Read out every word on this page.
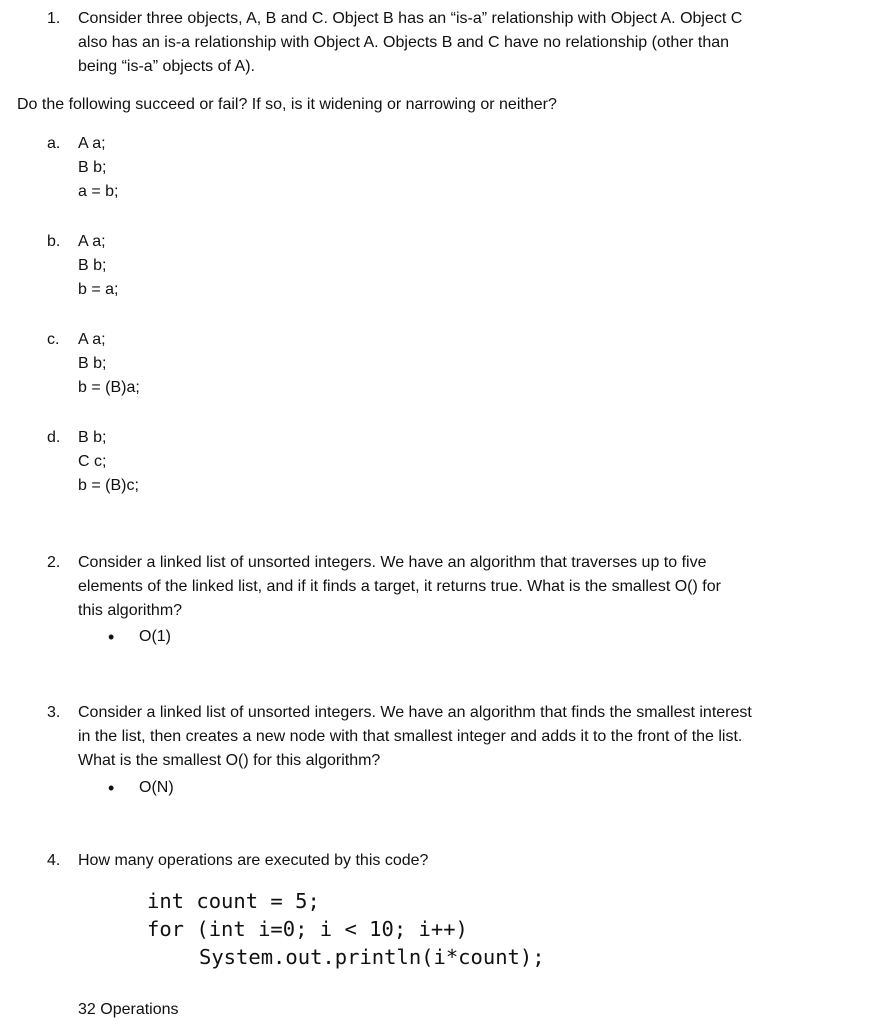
1. Consider three objects, A, B and C. Object B has an “is-a” relationship with Object A. Object C
also has an is-a relationship with Object A. Objects B and C have no relationship (other than
being “is-a” objects of A).
Do the following succeed or fail? If so, is it widening or narrowing or neither?
a. A a;
B b;
a = b;
b. A a;
B b;
b = a;
c. A a;
B b;
b = (B)a;
d. B b;
C c;
b = (B)c;
2. Consider a linked list of unsorted integers. We have an algorithm that traverses up to five
elements of the linked list, and if it finds a target, it returns true. What is the smallest O() for
this algorithm?
• O(1)
3. Consider a linked list of unsorted integers. We have an algorithm that finds the smallest interest
in the list, then creates a new node with that smallest integer and adds it to the front of the list.
What is the smallest O() for this algorithm?
• O(N)
4. How many operations are executed by this code?
int count = 5;
for (int i=0; i < 10; i++)
System.out.println(i*count);
32 Operations
